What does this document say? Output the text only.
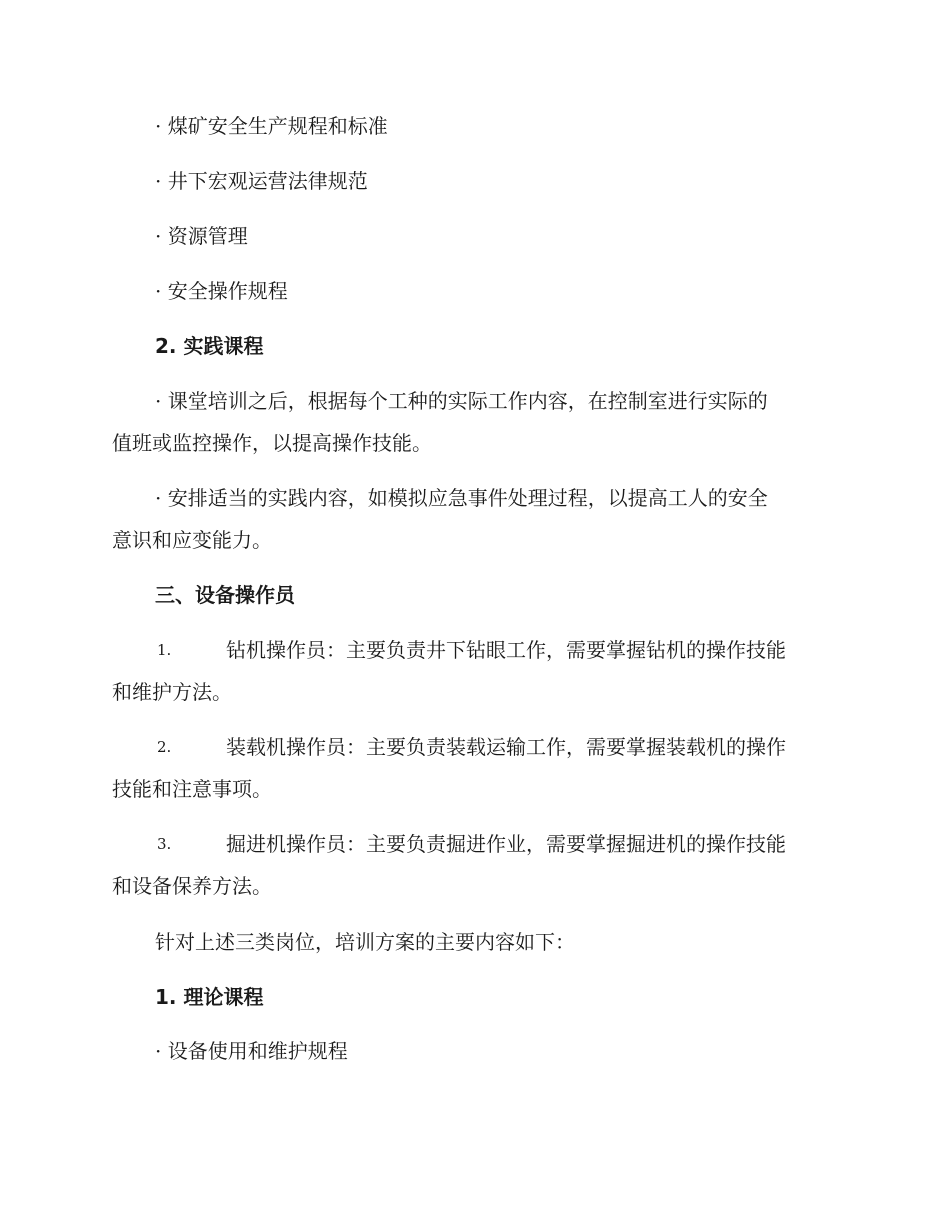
· 煤矿安全生产规程和标准
· 井下宏观运营法律规范
· 资源管理
· 安全操作规程
2. 实践课程
· 课堂培训之后，根据每个工种的实际工作内容，在控制室进行实际的
值班或监控操作，以提高操作技能。
· 安排适当的实践内容，如模拟应急事件处理过程，以提高工人的安全
意识和应变能力。
三、设备操作员
1.	钻机操作员：主要负责井下钻眼工作，需要掌握钻机的操作技能
和维护方法。
2.	装载机操作员：主要负责装载运输工作，需要掌握装载机的操作
技能和注意事项。
3.	掘进机操作员：主要负责掘进作业，需要掌握掘进机的操作技能
和设备保养方法。
针对上述三类岗位，培训方案的主要内容如下：
1. 理论课程
· 设备使用和维护规程
